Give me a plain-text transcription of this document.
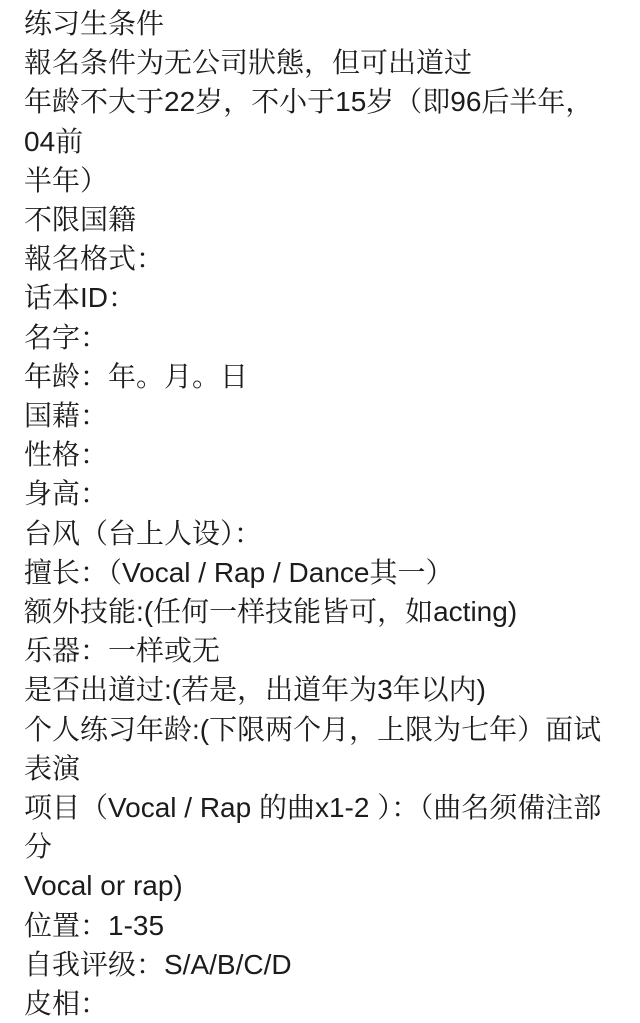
练习生条件
報名条件为无公司狀態，但可出道过
年龄不大于22岁，不小于15岁（即96后半年，04前
半年）
不限国籍
報名格式：
话本ID：
名字：
年龄：年。月。日
国藉：
性格：
身高：
台风（台上人设）：
擅长：（Vocal / Rap / Dance其一）
额外技能:(任何一样技能皆可，如acting)
乐器：一样或无
是否出道过:(若是，出道年为3年以内)
个人练习年龄:(下限两个月，上限为七年）面试表演
项目（Vocal / Rap 的曲x1-2 ）：（曲名须備注部分
Vocal or rap)
位置：1-35
自我评级：S/A/B/C/D
皮相：
